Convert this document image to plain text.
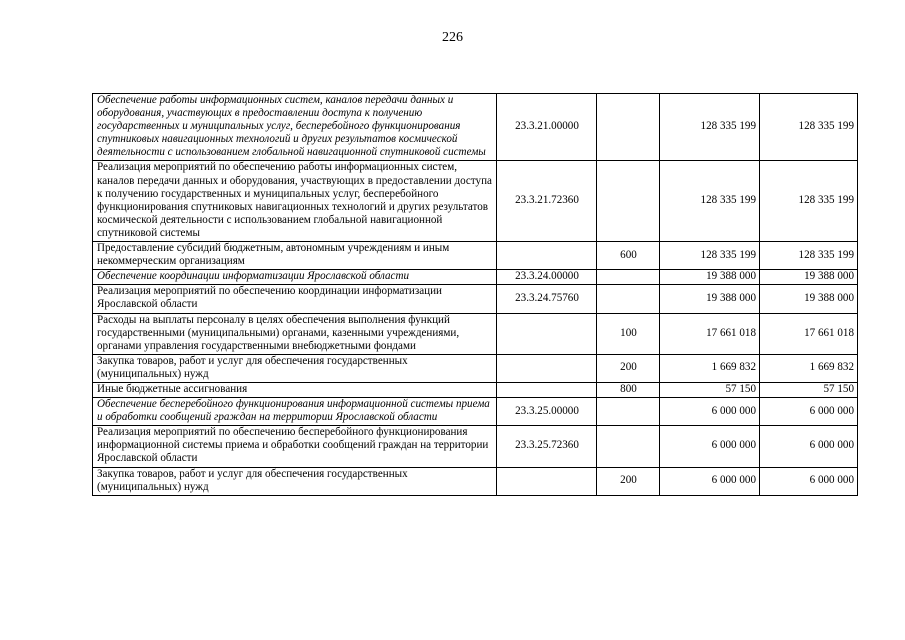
226
Обеспечение работы информационных систем, каналов передачи данных и оборудования, участвующих в предоставлении доступа к получению государственных и муниципальных услуг, бесперебойного функционирования спутниковых навигационных технологий и других результатов космической деятельности с использованием глобальной навигационной спутниковой системы	23.3.21.00000		128 335 199	128 335 199
Реализация мероприятий по обеспечению работы информационных систем, каналов передачи данных и оборудования, участвующих в предоставлении доступа к получению государственных и муниципальных услуг, бесперебойного функционирования спутниковых навигационных технологий и других результатов космической деятельности с использованием глобальной навигационной спутниковой системы	23.3.21.72360		128 335 199	128 335 199
Предоставление субсидий бюджетным, автономным учреждениям и иным некоммерческим организациям		600	128 335 199	128 335 199
Обеспечение координации информатизации Ярославской области	23.3.24.00000		19 388 000	19 388 000
Реализация мероприятий по обеспечению координации информатизации Ярославской области	23.3.24.75760		19 388 000	19 388 000
Расходы на выплаты персоналу в целях обеспечения выполнения функций государственными (муниципальными) органами, казенными учреждениями, органами управления государственными внебюджетными фондами		100	17 661 018	17 661 018
Закупка товаров, работ и услуг для обеспечения государственных (муниципальных) нужд		200	1 669 832	1 669 832
Иные бюджетные ассигнования		800	57 150	57 150
Обеспечение бесперебойного функционирования информационной системы приема и обработки сообщений граждан на территории Ярославской области	23.3.25.00000		6 000 000	6 000 000
Реализация мероприятий по обеспечению бесперебойного функционирования информационной системы приема и обработки сообщений граждан на территории Ярославской области	23.3.25.72360		6 000 000	6 000 000
Закупка товаров, работ и услуг для обеспечения государственных (муниципальных) нужд		200	6 000 000	6 000 000
